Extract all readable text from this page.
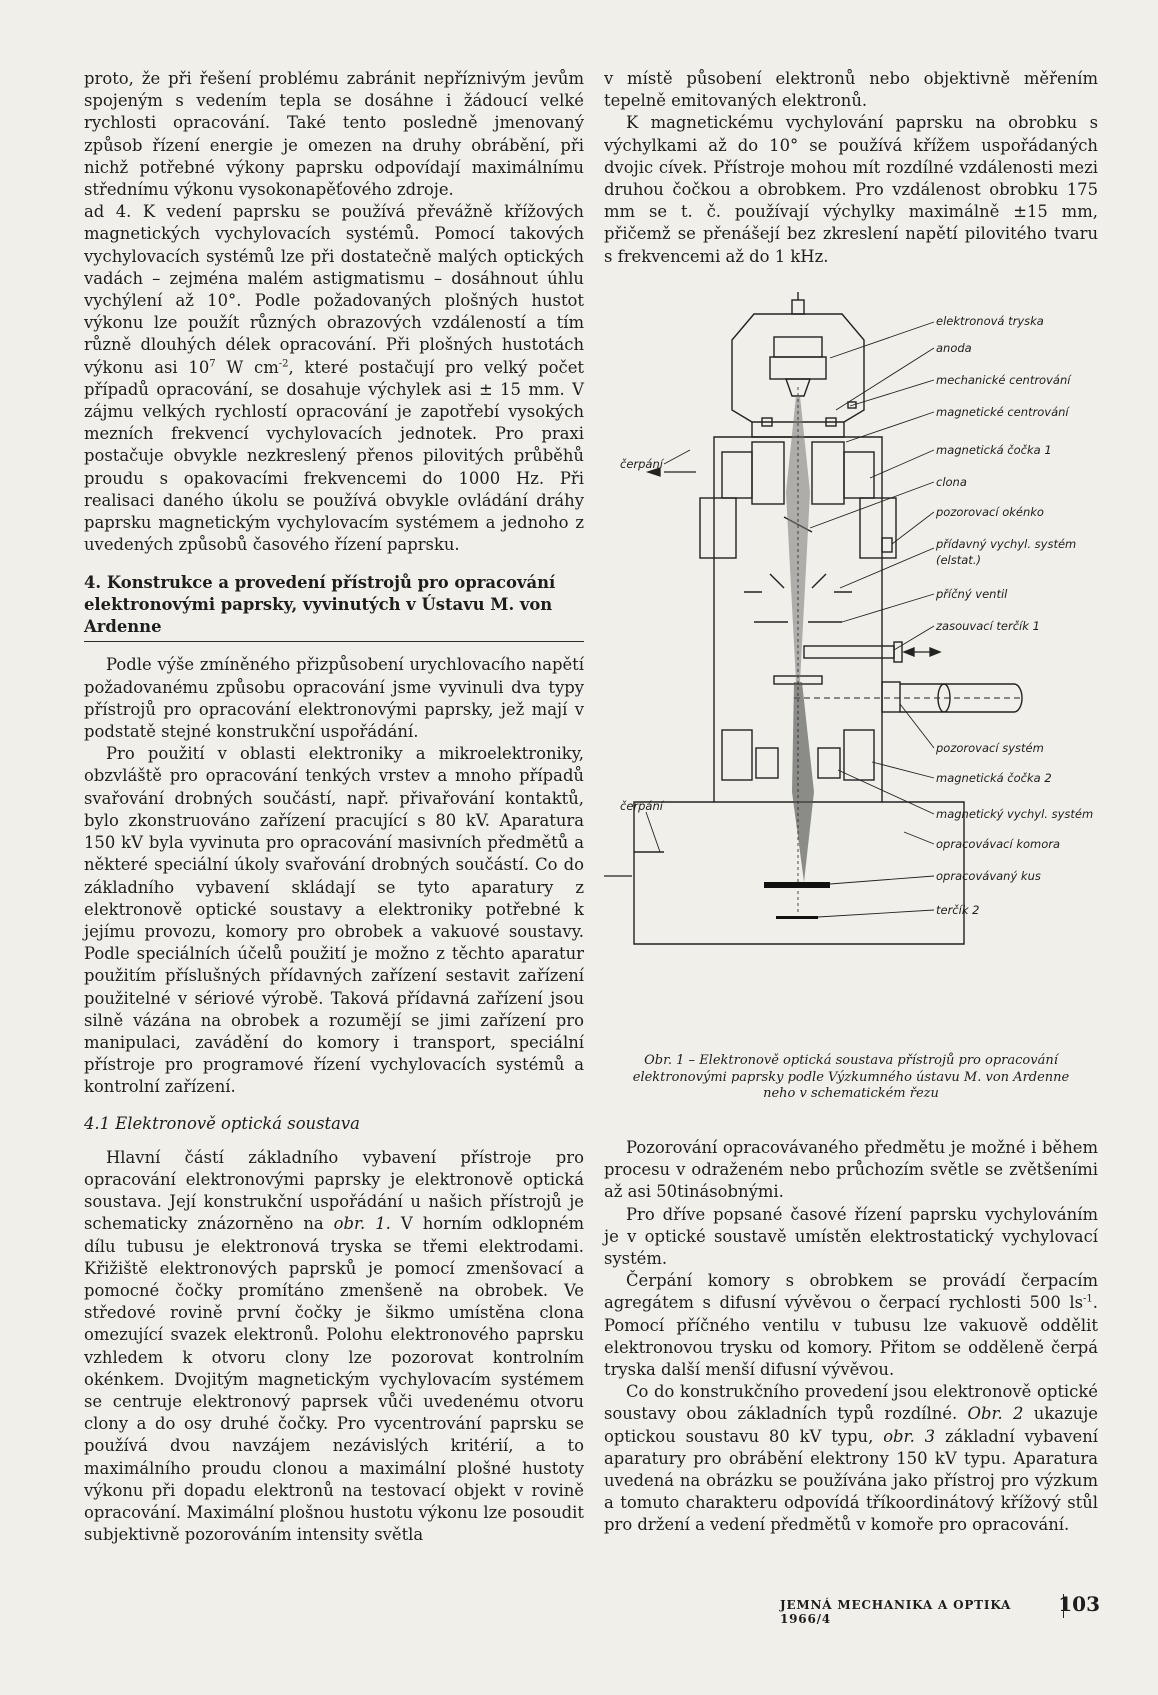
proto, že při řešení problému zabránit nepříznivým jevům spojeným s vedením tepla se dosáhne i žádoucí velké rychlosti opracování. Také tento posledně jmenovaný způsob řízení energie je omezen na druhy obrábění, při nichž potřebné výkony paprsku odpovídají maximálnímu střednímu výkonu vysokonapěťového zdroje.

ad 4. K vedení paprsku se používá převážně křížových magnetických vychylovacích systémů. Pomocí takových vychylovacích systémů lze při dostatečně malých optických vadách – zejména malém astigmatismu – dosáhnout úhlu vychýlení až 10°. Podle požadovaných plošných hustot výkonu lze použít různých obrazových vzdáleností a tím různě dlouhých délek opracování. Při plošných hustotách výkonu asi $10^7$ W $cm^{-2}$, které postačují pro velký počet případů opracování, se dosahuje výchylek asi ± 15 mm. V zájmu velkých rychlostí opracování je zapotřebí vysokých mezních frekvencí vychylovacích jednotek. Pro praxi postačuje obvykle nezkreslený přenos pilovitých průběhů proudu s opakovacími frekvencemi do 1000 Hz. Při realisaci daného úkolu se používá obvykle ovládání dráhy paprsku magnetickým vychylovacím systémem a jednoho z uvedených způsobů časového řízení paprsku.

4. Konstrukce a provedení přístrojů pro opracování elektronovými paprsky, vyvinutých v Ústavu M. von Ardenne

Podle výše zmíněného přizpůsobení urychlovacího napětí požadovanému způsobu opracování jsme vyvinuli dva typy přístrojů pro opracování elektronovými paprsky, jež mají v podstatě stejné konstrukční uspořádání.

Pro použití v oblasti elektroniky a mikroelektroniky, obzvláště pro opracování tenkých vrstev a mnoho případů svařování drobných součástí, např. přivařování kontaktů, bylo zkonstruováno zařízení pracující s 80 kV. Aparatura 150 kV byla vyvinuta pro opracování masivních předmětů a některé speciální úkoly svařování drobných součástí. Co do základního vybavení skládají se tyto aparatury z elektronově optické soustavy a elektroniky potřebné k jejímu provozu, komory pro obrobek a vakuové soustavy. Podle speciálních účelů použití je možno z těchto aparatur použitím příslušných přídavných zařízení sestavit zařízení použitelné v sériové výrobě. Taková přídavná zařízení jsou silně vázána na obrobek a rozumějí se jimi zařízení pro manipulaci, zavádění do komory i transport, speciální přístroje pro programové řízení vychylovacích systémů a kontrolní zařízení.

4.1 Elektronově optická soustava

Hlavní částí základního vybavení přístroje pro opracování elektronovými paprsky je elektronově optická soustava. Její konstrukční uspořádání u našich přístrojů je schematicky znázorněno na obr. 1. V horním odklopném dílu tubusu je elektronová tryska se třemi elektrodami. Křižiště elektronových paprsků je pomocí zmenšovací a pomocné čočky promítáno zmenšeně na obrobek. Ve středové rovině první čočky je šikmo umístěna clona omezující svazek elektronů. Polohu elektronového paprsku vzhledem k otvoru clony lze pozorovat kontrolním okénkem. Dvojitým magnetickým vychylovacím systémem se centruje elektronový paprsek vůči uvedenému otvoru clony a do osy druhé čočky. Pro vycentrování paprsku se používá dvou navzájem nezávislých kritérií, a to maximálního proudu clonou a maximální plošné hustoty výkonu při dopadu elektronů na testovací objekt v rovině opracování. Maximální plošnou hustotu výkonu lze posoudit subjektivně pozorováním intensity světla

v místě působení elektronů nebo objektivně měřením tepelně emitovaných elektronů.

K magnetickému vychylování paprsku na obrobku s výchylkami až do 10° se používá křížem uspořádaných dvojic cívek. Přístroje mohou mít rozdílné vzdálenosti mezi druhou čočkou a obrobkem. Pro vzdálenost obrobku 175 mm se t. č. používají výchylky maximálně ±15 mm, přičemž se přenášejí bez zkreslení napětí pilovitého tvaru s frekvencemi až do 1 kHz.

elektronová tryska
anoda
mechanické centrování
magnetické centrování
magnetická čočka 1
clona
pozorovací okénko
přídavný vychyl. systém
(elstat.)
příčný ventil
zasouvací terčík 1
pozorovací systém
magnetická čočka 2
magnetický vychyl. systém
opracovávací komora
opracovávaný kus
terčík 2
čerpání
čerpání
Obr. 1 – Elektronově optická soustava přístrojů pro opracování elektronovými paprsky podle Výzkumného ústavu M. von Ardenne
neho v schematickém řezu

Pozorování opracovávaného předmětu je možné i během procesu v odraženém nebo průchozím světle se zvětšeními až asi 50tinásobnými.

Pro dříve popsané časové řízení paprsku vychylováním je v optické soustavě umístěn elektrostatický vychylovací systém.

Čerpání komory s obrobkem se provádí čerpacím agregátem s difusní vývěvou o čerpací rychlosti 500 $ls^{-1}$. Pomocí příčného ventilu v tubusu lze vakuově oddělit elektronovou trysku od komory. Přitom se odděleně čerpá tryska další menší difusní vývěvou.

Co do konstrukčního provedení jsou elektronově optické soustavy obou základních typů rozdílné. Obr. 2 ukazuje optickou soustavu 80 kV typu, obr. 3 základní vybavení aparatury pro obrábění elektrony 150 kV typu. Aparatura uvedená na obrázku se používána jako přístroj pro výzkum a tomuto charakteru odpovídá tříkoordinátový křížový stůl pro držení a vedení předmětů v komoře pro opracování.

JEMNÁ MECHANIKA A OPTIKA 1966/4
103
